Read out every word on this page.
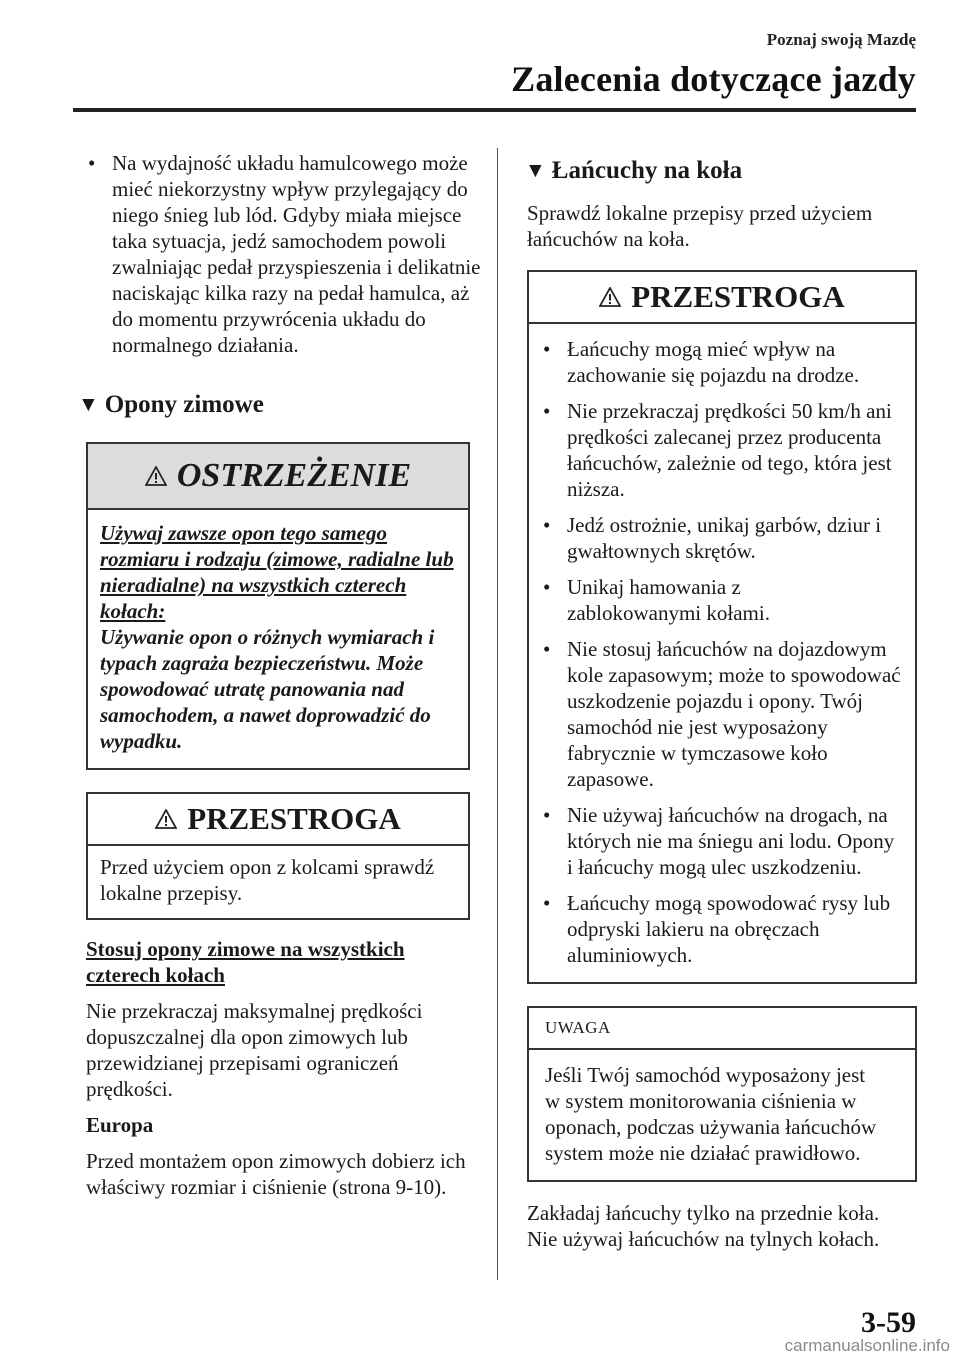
Poznaj swoją Mazdę
Zalecenia dotyczące jazdy
• Na wydajność układu hamulcowego może mieć niekorzystny wpływ przylegający do niego śnieg lub lód. Gdyby miała miejsce taka sytuacja, jedź samochodem powoli zwalniając pedał przyspieszenia i delikatnie naciskając kilka razy na pedał hamulca, aż do momentu przywrócenia układu do normalnego działania.

▼ Opony zimowe
OSTRZEŻENIE

Używaj zawsze opon tego samego rozmiaru i rodzaju (zimowe, radialne lub nieradialne) na wszystkich czterech kołach:

Używanie opon o różnych wymiarach i typach zagraża bezpieczeństwu. Może spowodować utratę panowania nad samochodem, a nawet doprowadzić do wypadku.

PRZESTROGA

Przed użyciem opon z kolcami sprawdź lokalne przepisy.

Stosuj opony zimowe na wszystkich czterech kołach

Nie przekraczaj maksymalnej prędkości dopuszczalnej dla opon zimowych lub przewidzianej przepisami ograniczeń prędkości.

Europa

Przed montażem opon zimowych dobierz ich właściwy rozmiar i ciśnienie (strona 9-10).

▼ Łańcuchy na koła

Sprawdź lokalne przepisy przed użyciem łańcuchów na koła.

PRZESTROGA
• Łańcuchy mogą mieć wpływ na zachowanie się pojazdu na drodze.

• Nie przekraczaj prędkości 50 km/h ani prędkości zalecanej przez producenta łańcuchów, zależnie od tego, która jest niższa.

• Jedź ostrożnie, unikaj garbów, dziur i gwałtownych skrętów.

• Unikaj hamowania z zablokowanymi kołami.

• Nie stosuj łańcuchów na dojazdowym kole zapasowym; może to spowodować uszkodzenie pojazdu i opony. Twój samochód nie jest wyposażony fabrycznie w tymczasowe koło zapasowe.

• Nie używaj łańcuchów na drogach, na których nie ma śniegu ani lodu. Opony i łańcuchy mogą ulec uszkodzeniu.

• Łańcuchy mogą spowodować rysy lub odpryski lakieru na obręczach aluminiowych.

UWAGA

Jeśli Twój samochód wyposażony jest w system monitorowania ciśnienia w oponach, podczas używania łańcuchów system może nie działać prawidłowo.

Zakładaj łańcuchy tylko na przednie koła.

Nie używaj łańcuchów na tylnych kołach.

3-59
carmanualsonline.info
